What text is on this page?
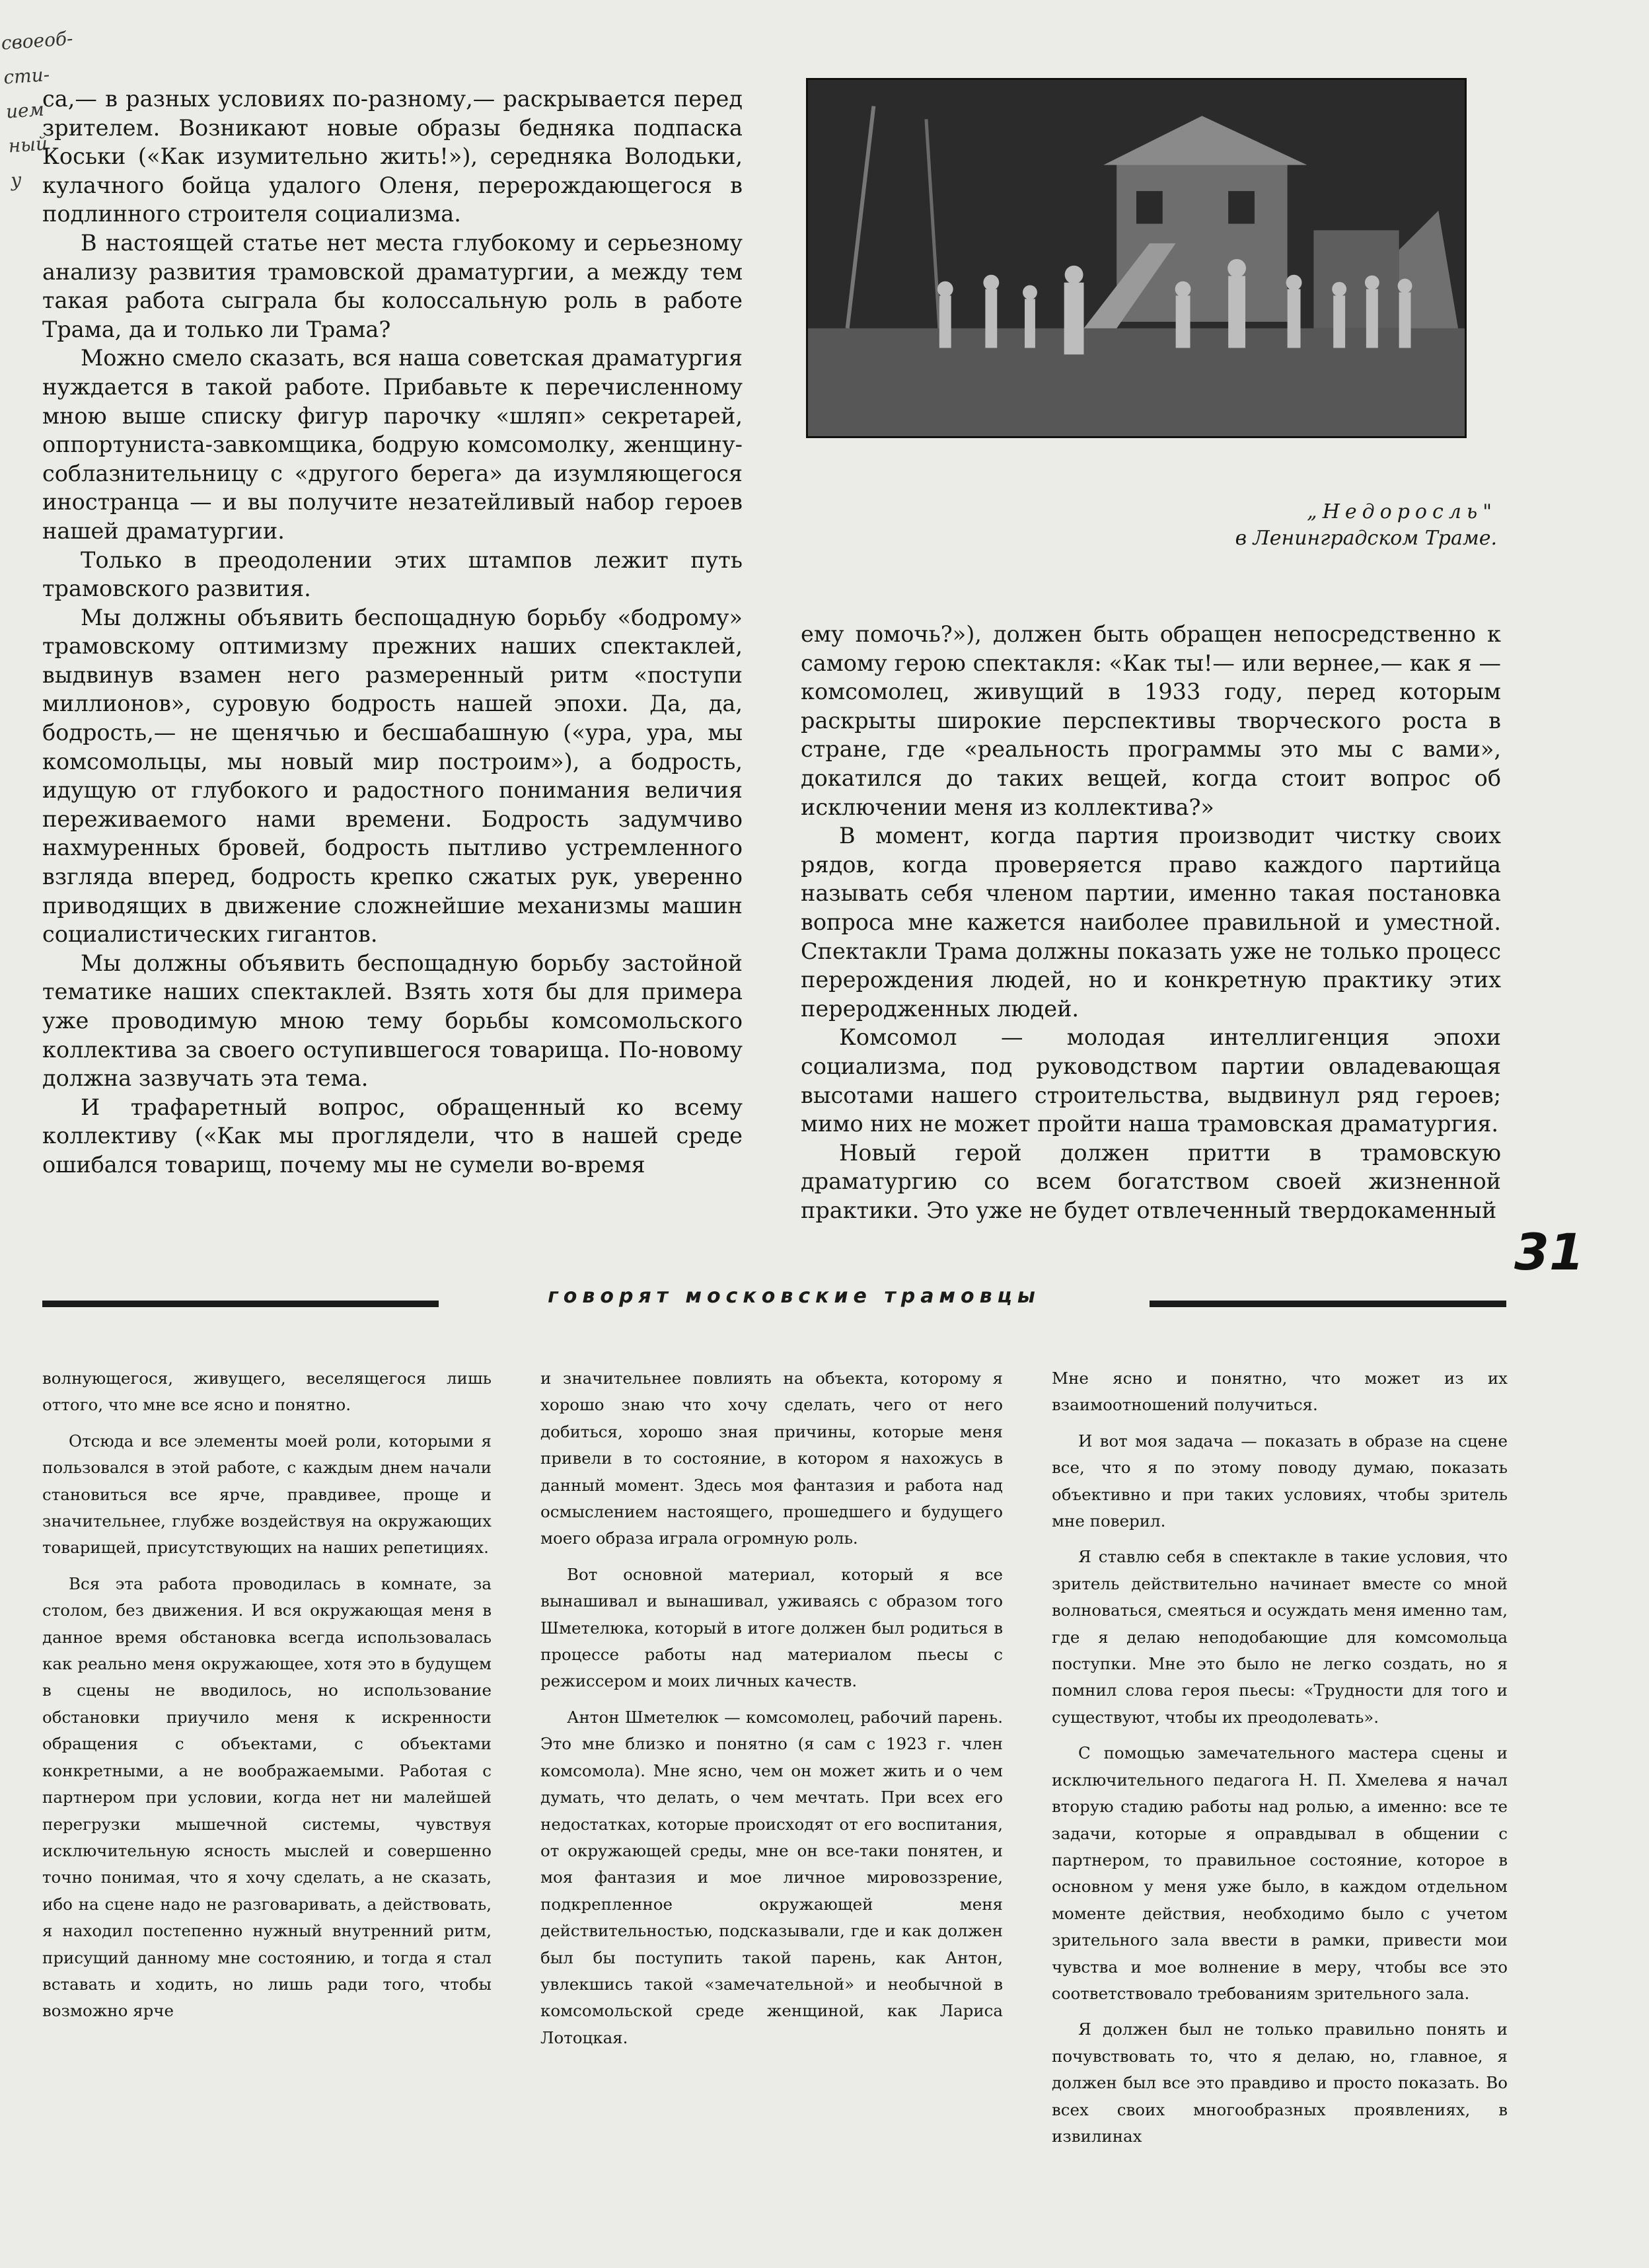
своеоб-
сти-
ием
ный
у

са,— в разных условиях по-разному,— раскрывается перед зрителем. Возникают новые образы бедняка подпаска Коськи («Как изумительно жить!»), середняка Володьки, кулачного бойца удалого Оленя, перерождающегося в подлинного строителя социализма.

В настоящей статье нет места глубокому и серьезному анализу развития трамовской драматургии, а между тем такая работа сыграла бы колоссальную роль в работе Трама, да и только ли Трама?

Можно смело сказать, вся наша советская драматургия нуждается в такой работе. Прибавьте к перечисленному мною выше списку фигур парочку «шляп» секретарей, оппортуниста-завкомщика, бодрую комсомолку, женщину-соблазнительницу с «другого берега» да изумляющегося иностранца — и вы получите незатейливый набор героев нашей драматургии.

Только в преодолении этих штампов лежит путь трамовского развития.

Мы должны объявить беспощадную борьбу «бодрому» трамовскому оптимизму прежних наших спектаклей, выдвинув взамен него размеренный ритм «поступи миллионов», суровую бодрость нашей эпохи. Да, да, бодрость,— не щенячью и бесшабашную («ура, ура, мы комсомольцы, мы новый мир построим»), а бодрость, идущую от глубокого и радостного понимания величия переживаемого нами времени. Бодрость задумчиво нахмуренных бровей, бодрость пытливо устремленного взгляда вперед, бодрость крепко сжатых рук, уверенно приводящих в движение сложнейшие механизмы машин социалистических гигантов.

Мы должны объявить беспощадную борьбу застойной тематике наших спектаклей. Взять хотя бы для примера уже проводимую мною тему борьбы комсомольского коллектива за своего оступившегося товарища. По-новому должна зазвучать эта тема.

И трафаретный вопрос, обращенный ко всему коллективу («Как мы проглядели, что в нашей среде ошибался товарищ, почему мы не сумели во-время

„Недоросль"
в Ленинградском Траме.

ему помочь?»), должен быть обращен непосредственно к самому герою спектакля: «Как ты!— или вернее,— как я — комсомолец, живущий в 1933 году, перед которым раскрыты широкие перспективы творческого роста в стране, где «реальность программы это мы с вами», докатился до таких вещей, когда стоит вопрос об исключении меня из коллектива?»

В момент, когда партия производит чистку своих рядов, когда проверяется право каждого партийца называть себя членом партии, именно такая постановка вопроса мне кажется наиболее правильной и уместной. Спектакли Трама должны показать уже не только процесс перерождения людей, но и конкретную практику этих переродженных людей.

Комсомол — молодая интеллигенция эпохи социализма, под руководством партии овладевающая высотами нашего строительства, выдвинул ряд героев; мимо них не может пройти наша трамовская драматургия.

Новый герой должен притти в трамовскую драматургию со всем богатством своей жизненной практики. Это уже не будет отвлеченный твердокаменный

31
говорят московские трамовцы

волнующегося, живущего, веселящегося лишь оттого, что мне все ясно и понятно.

Отсюда и все элементы моей роли, которыми я пользовался в этой работе, с каждым днем начали становиться все ярче, правдивее, проще и значительнее, глубже воздействуя на окружающих товарищей, присутствующих на наших репетициях.

Вся эта работа проводилась в комнате, за столом, без движения. И вся окружающая меня в данное время обстановка всегда использовалась как реально меня окружающее, хотя это в будущем в сцены не вводилось, но использование обстановки приучило меня к искренности обращения с объектами, с объектами конкретными, а не воображаемыми. Работая с партнером при условии, когда нет ни малейшей перегрузки мышечной системы, чувствуя исключительную ясность мыслей и совершенно точно понимая, что я хочу сделать, а не сказать, ибо на сцене надо не разговаривать, а действовать, я находил постепенно нужный внутренний ритм, присущий данному мне состоянию, и тогда я стал вставать и ходить, но лишь ради того, чтобы возможно ярче

и значительнее повлиять на объекта, которому я хорошо знаю что хочу сделать, чего от него добиться, хорошо зная причины, которые меня привели в то состояние, в котором я нахожусь в данный момент. Здесь моя фантазия и работа над осмыслением настоящего, прошедшего и будущего моего образа играла огромную роль.

Вот основной материал, который я все вынашивал и вынашивал, уживаясь с образом того Шметелюка, который в итоге должен был родиться в процессе работы над материалом пьесы с режиссером и моих личных качеств.

Антон Шметелюк — комсомолец, рабочий парень. Это мне близко и понятно (я сам с 1923 г. член комсомола). Мне ясно, чем он может жить и о чем думать, что делать, о чем мечтать. При всех его недостатках, которые происходят от его воспитания, от окружающей среды, мне он все-таки понятен, и моя фантазия и мое личное мировоззрение, подкрепленное окружающей меня действительностью, подсказывали, где и как должен был бы поступить такой парень, как Антон, увлекшись такой «замечательной» и необычной в комсомольской среде женщиной, как Лариса Лотоцкая.

Мне ясно и понятно, что может из их взаимоотношений получиться.

И вот моя задача — показать в образе на сцене все, что я по этому поводу думаю, показать объективно и при таких условиях, чтобы зритель мне поверил.

Я ставлю себя в спектакле в такие условия, что зритель действительно начинает вместе со мной волноваться, смеяться и осуждать меня именно там, где я делаю неподобающие для комсомольца поступки. Мне это было не легко создать, но я помнил слова героя пьесы: «Трудности для того и существуют, чтобы их преодолевать».

С помощью замечательного мастера сцены и исключительного педагога Н. П. Хмелева я начал вторую стадию работы над ролью, а именно: все те задачи, которые я оправдывал в общении с партнером, то правильное состояние, которое в основном у меня уже было, в каждом отдельном моменте действия, необходимо было с учетом зрительного зала ввести в рамки, привести мои чувства и мое волнение в меру, чтобы все это соответствовало требованиям зрительного зала.

Я должен был не только правильно понять и почувствовать то, что я делаю, но, главное, я должен был все это правдиво и просто показать. Во всех своих многообразных проявлениях, в извилинах
